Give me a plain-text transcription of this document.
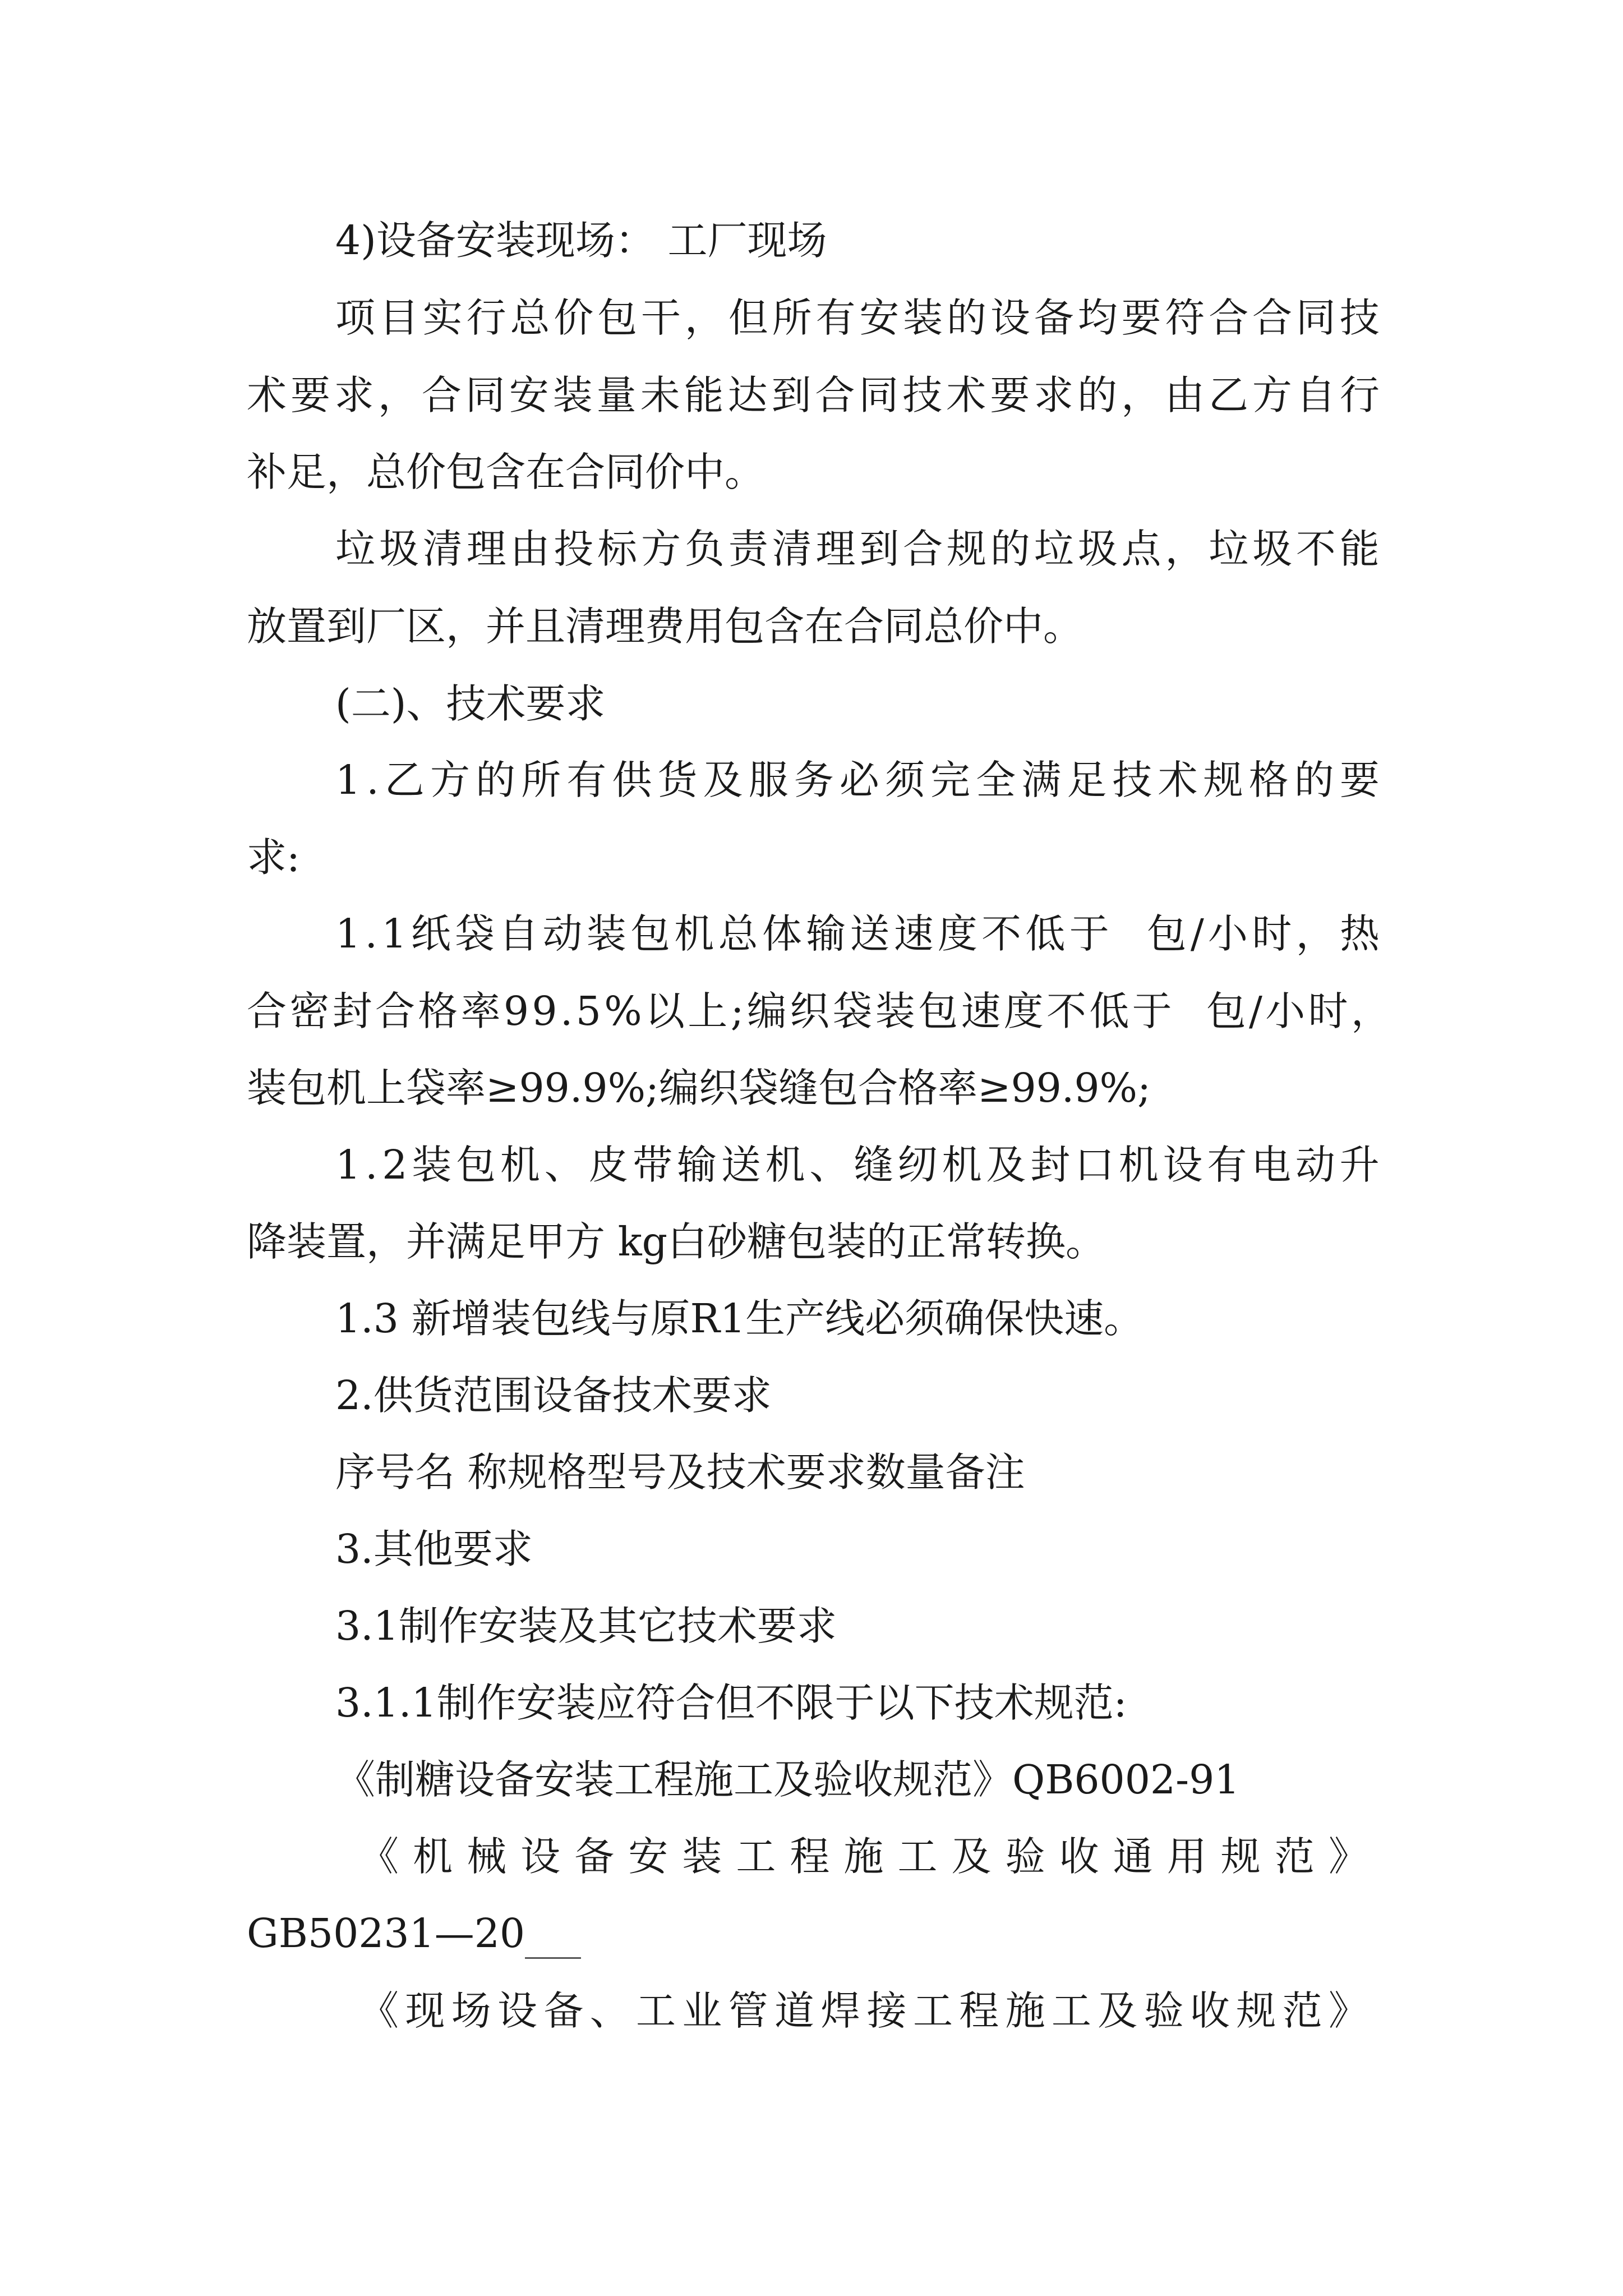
4)设备安装现场： 工厂现场
项 目 实 行 总 价 包 干 ， 但 所 有 安 装 的 设 备 均 要 符 合 合 同 技
术 要 求 ， 合 同 安 装 量 未 能 达 到 合 同 技 术 要 求 的 ， 由 乙 方 自 行
补足，总价包含在合同价中。
垃 圾 清 理 由 投 标 方 负 责 清 理 到 合 规 的 垃 圾 点 ， 垃 圾 不 能
放置到厂区，并且清理费用包含在合同总价中。
(二)、技术要求
1 . 乙 方 的 所 有 供 货 及 服 务 必 须 完 全 满 足 技 术 规 格 的 要
求:
1 . 1 纸 袋 自 动 装 包 机 总 体 输 送 速 度 不 低 于

包 / 小 时 ， 热
合 密 封 合 格 率 9 9 . 5 % 以 上 ; 编 织 袋 装 包 速 度 不 低 于

包 / 小 时 ，
装包机上袋率≥99.9%;编织袋缝包合格率≥99.9%;
1 . 2 装 包 机 、 皮 带 输 送 机 、 缝 纫 机 及 封 口 机 设 有 电 动 升
降装置，并满足甲方 kg白砂糖包装的正常转换。
1.3 新增装包线与原R1生产线必须确保快速。
2.供货范围设备技术要求
序号名 称规格型号及技术要求数量备注
3.其他要求
3.1制作安装及其它技术要求
3.1.1制作安装应符合但不限于以下技术规范:
《制糖设备安装工程施工及验收规范》QB6002-91
《 机 械 设 备 安 装 工 程 施 工 及 验 收 通 用 规 范 》
GB50231—20
《 现 场 设 备 、 工 业 管 道 焊 接 工 程 施 工 及 验 收 规 范 》
